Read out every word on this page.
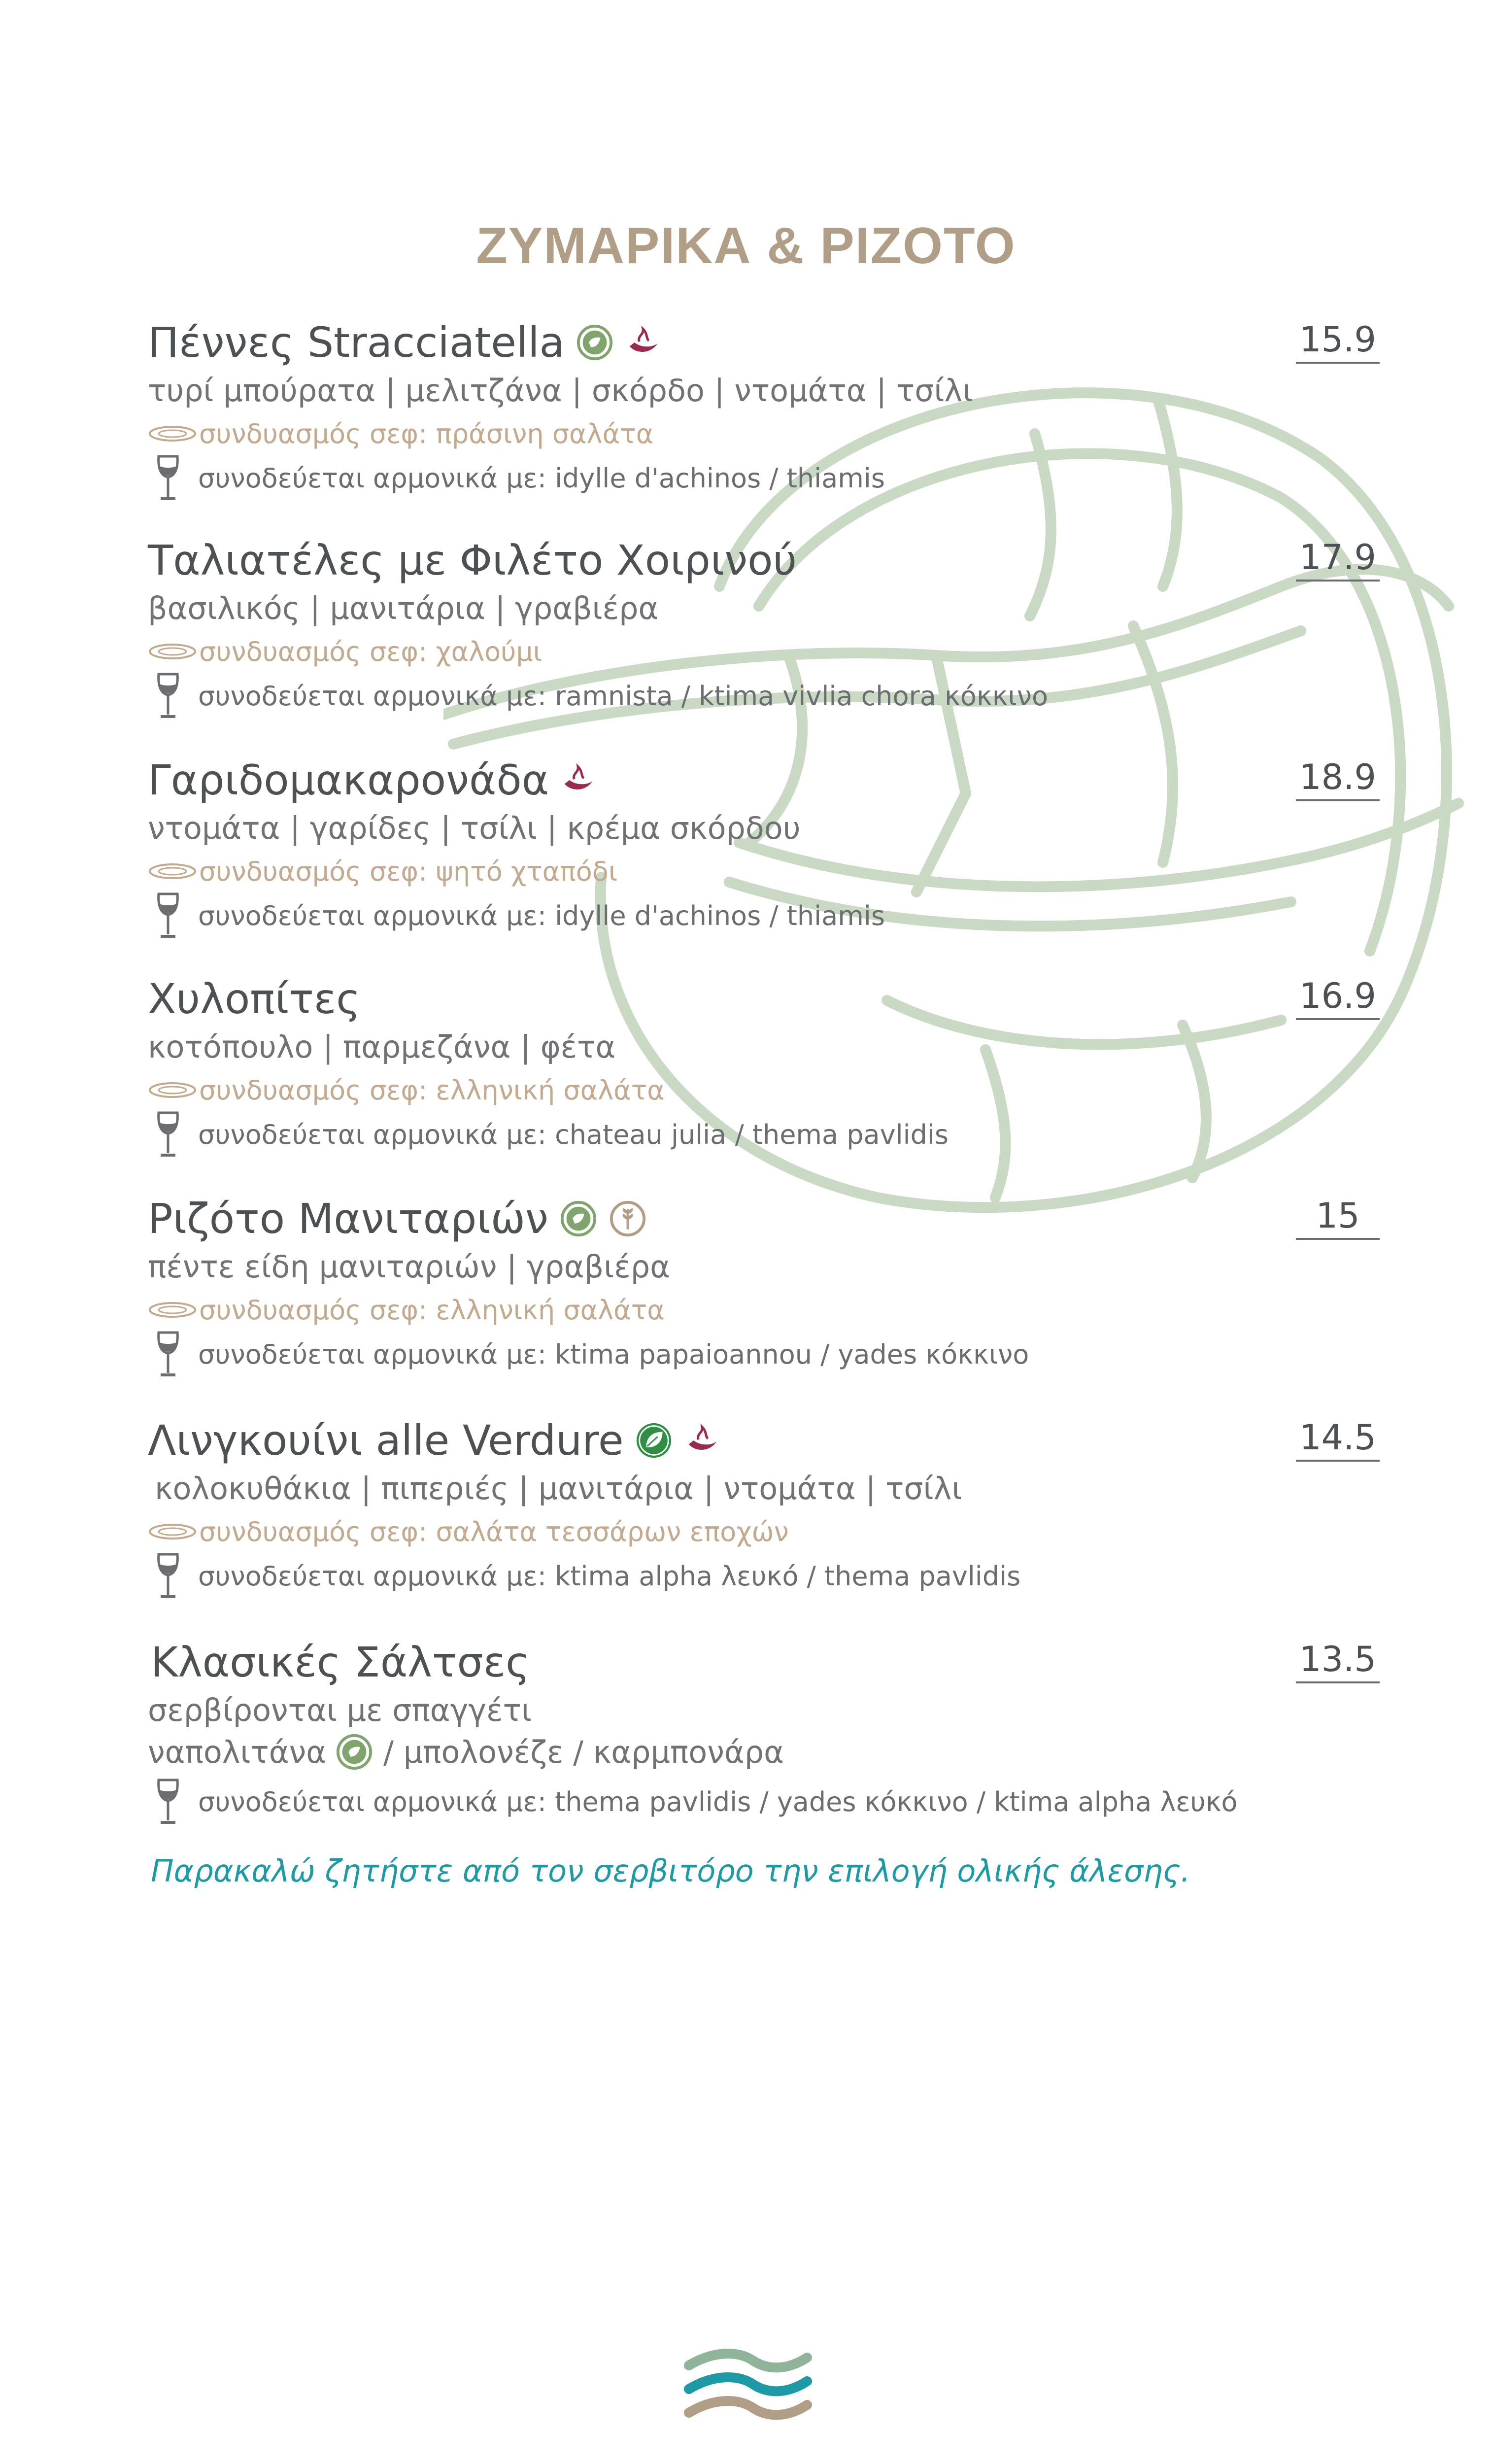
ΖΥΜΑΡΙΚΑ & ΡΙΖΟΤΟ
Πέννες Stracciatella	15.9
τυρί μπούρατα | μελιτζάνα | σκόρδο | ντομάτα | τσίλι
συνδυασμός σεφ: πράσινη σαλάτα
συνοδεύεται αρμονικά με: idylle d'achinos / thiamis
Ταλιατέλες με Φιλέτο Χοιρινού	17.9
βασιλικός | μανιτάρια | γραβιέρα
συνδυασμός σεφ: χαλούμι
συνοδεύεται αρμονικά με: ramnista / ktima vivlia chora κόκκινο
Γαριδομακαρονάδα	18.9
ντομάτα | γαρίδες | τσίλι | κρέμα σκόρδου
συνδυασμός σεφ: ψητό χταπόδι
συνοδεύεται αρμονικά με: idylle d'achinos / thiamis
Χυλοπίτες	16.9
κοτόπουλο | παρμεζάνα | φέτα
συνδυασμός σεφ: ελληνική σαλάτα
συνοδεύεται αρμονικά με: chateau julia / thema pavlidis
Ριζότο Μανιταριών	15
πέντε είδη μανιταριών | γραβιέρα
συνδυασμός σεφ: ελληνική σαλάτα
συνοδεύεται αρμονικά με: ktima papaioannou / yades κόκκινο
Λινγκουίνι alle Verdure	14.5
κολοκυθάκια | πιπεριές | μανιτάρια | ντομάτα | τσίλι
συνδυασμός σεφ: σαλάτα τεσσάρων εποχών
συνοδεύεται αρμονικά με: ktima alpha λευκό / thema pavlidis
Κλασικές Σάλτσες	13.5
σερβίρονται με σπαγγέτι
ναπολιτάνα / μπολονέζε / καρμπονάρα
συνοδεύεται αρμονικά με: thema pavlidis / yades κόκκινο / ktima alpha λευκό
Παρακαλώ ζητήστε από τον σερβιτόρο την επιλογή ολικής άλεσης.
